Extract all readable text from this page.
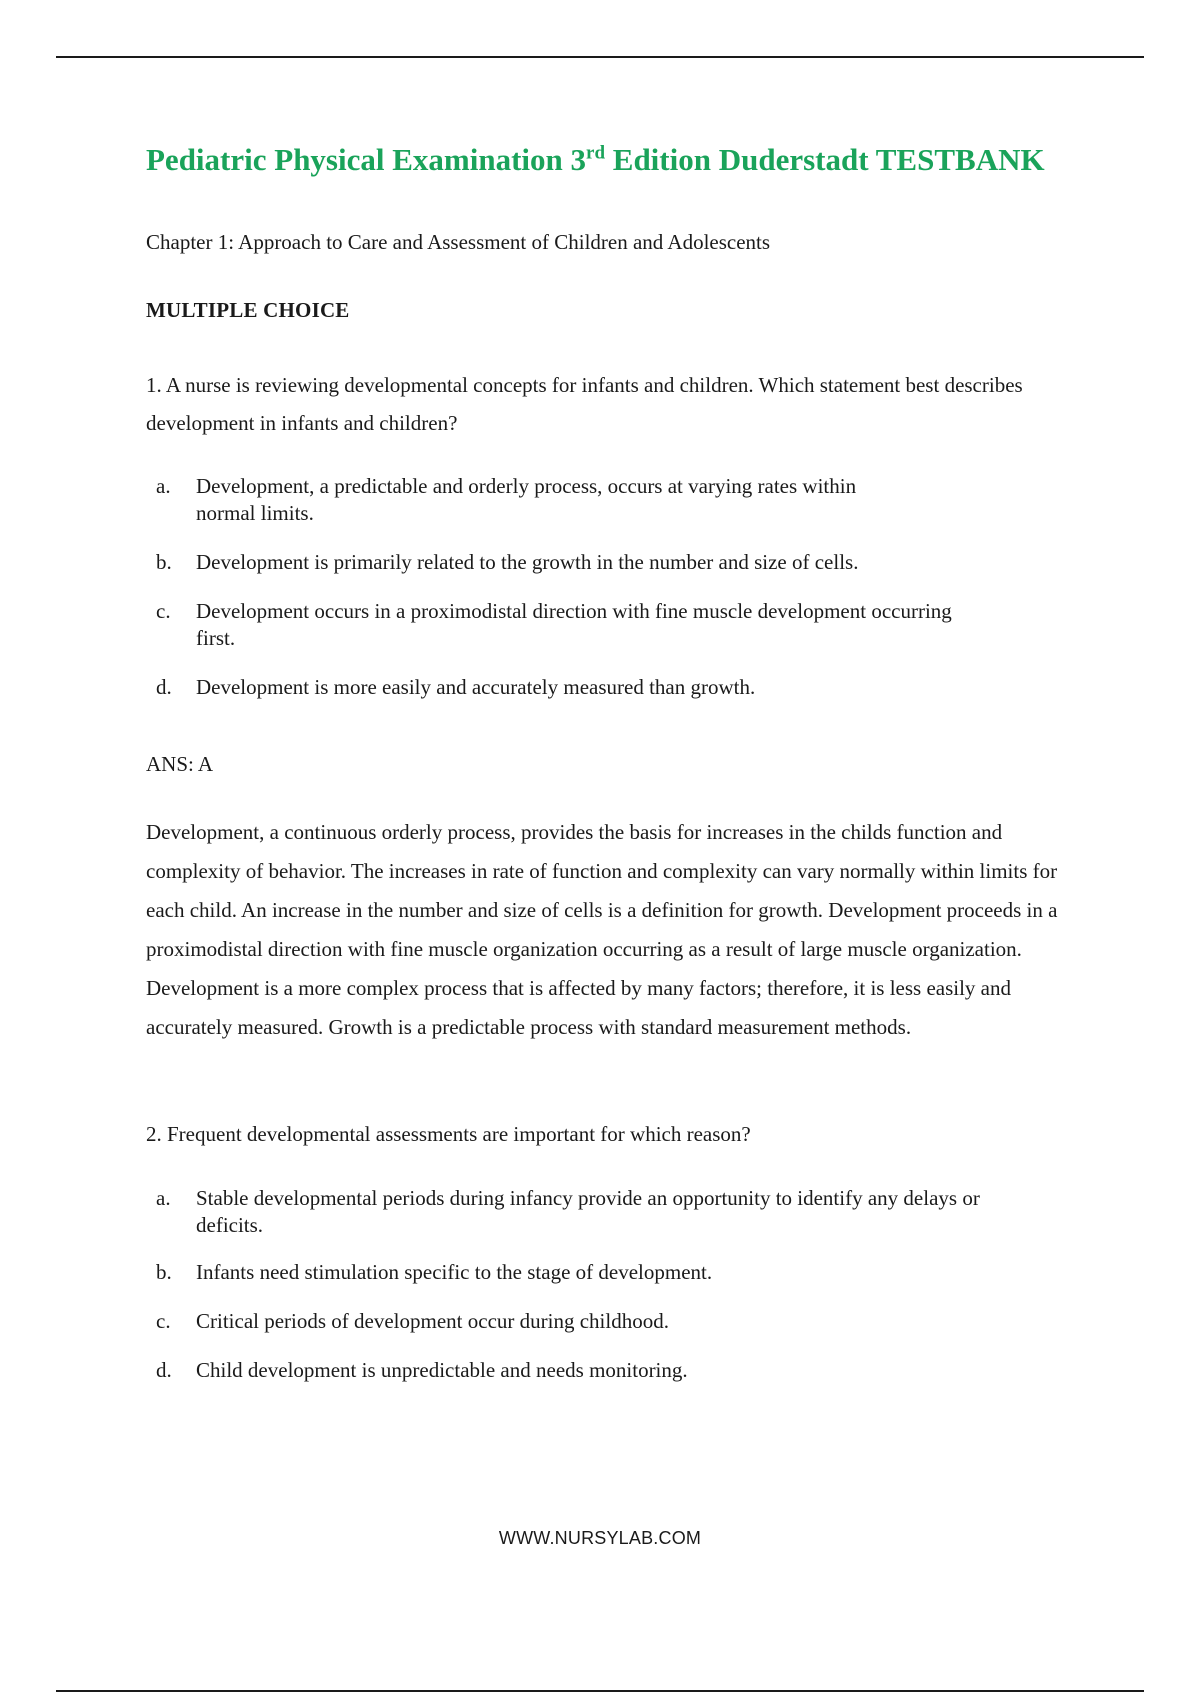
Pediatric Physical Examination 3rd Edition Duderstadt TESTBANK

Chapter 1: Approach to Care and Assessment of Children and Adolescents

MULTIPLE CHOICE

1. A nurse is reviewing developmental concepts for infants and children. Which statement best describes development in infants and children?

a.	Development, a predictable and orderly process, occurs at varying rates within normal limits.
b.	Development is primarily related to the growth in the number and size of cells.
c.	Development occurs in a proximodistal direction with fine muscle development occurring first.
d.	Development is more easily and accurately measured than growth.

ANS: A

Development, a continuous orderly process, provides the basis for increases in the childs function and complexity of behavior. The increases in rate of function and complexity can vary normally within limits for each child. An increase in the number and size of cells is a definition for growth. Development proceeds in a proximodistal direction with fine muscle organization occurring as a result of large muscle organization. Development is a more complex process that is affected by many factors; therefore, it is less easily and accurately measured. Growth is a predictable process with standard measurement methods.

2. Frequent developmental assessments are important for which reason?

a.	Stable developmental periods during infancy provide an opportunity to identify any delays or deficits.
b.	Infants need stimulation specific to the stage of development.
c.	Critical periods of development occur during childhood.
d.	Child development is unpredictable and needs monitoring.
WWW.NURSYLAB.COM
